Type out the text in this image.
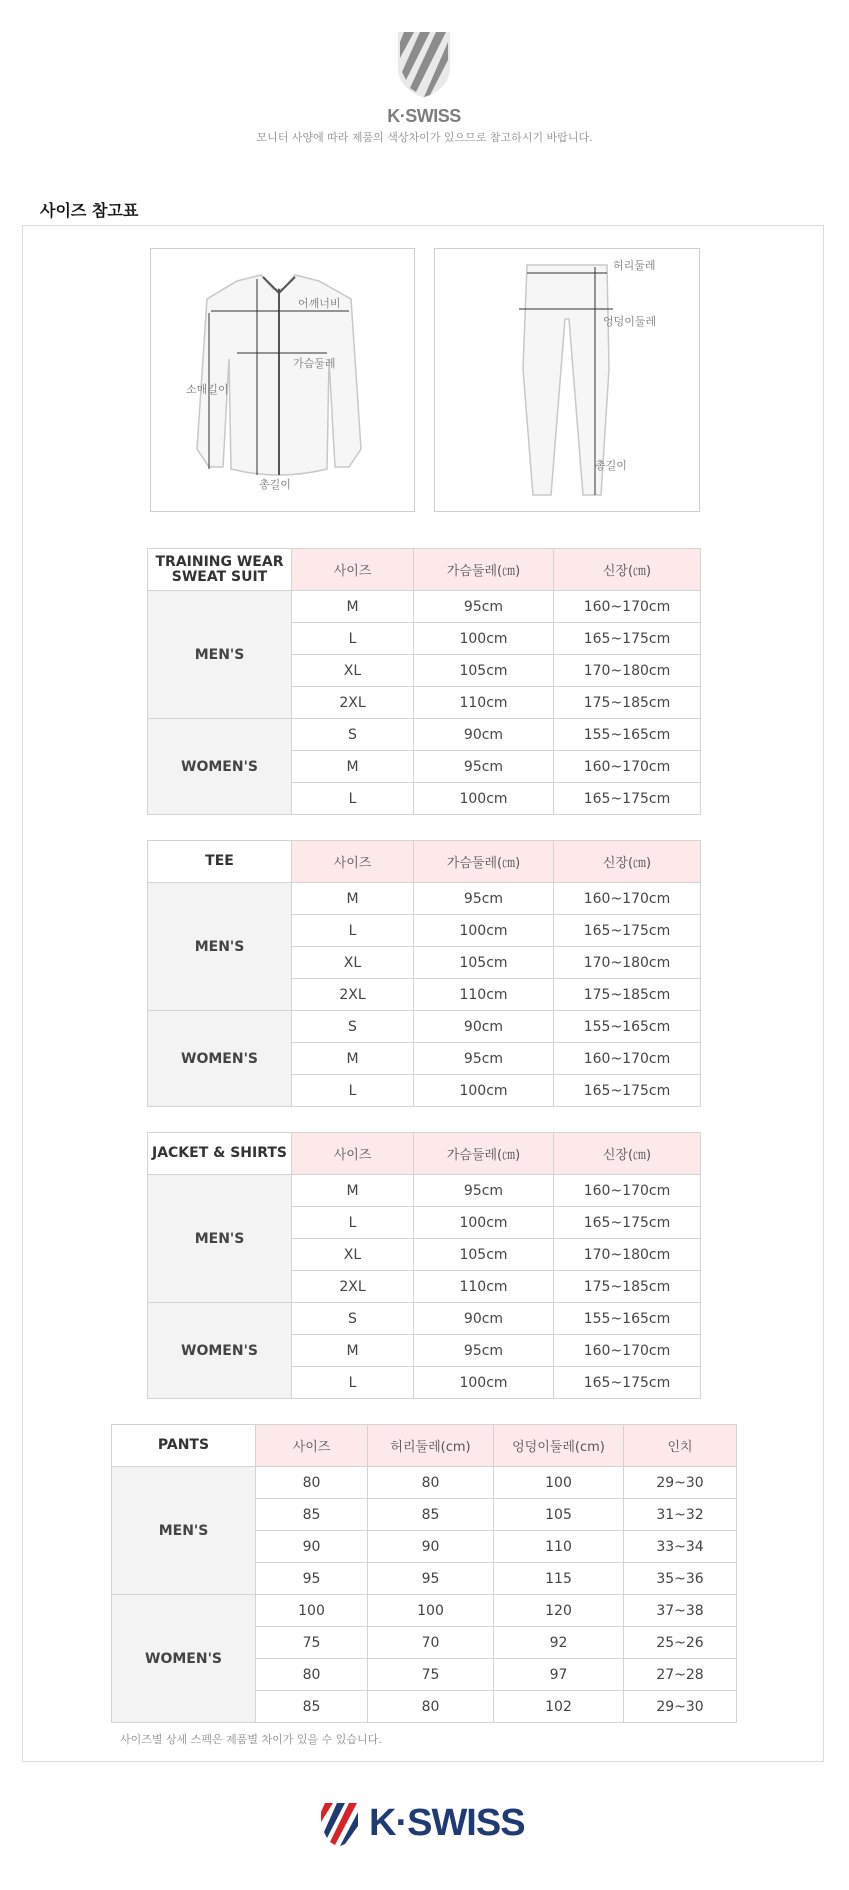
K·SWISS
모니터 사양에 따라 제품의 색상차이가 있으므로 참고하시기 바랍니다.
사이즈 참고표
어깨너비
가슴둘레
소매길이
총길이
허리둘레
엉덩이둘레
총길이
TRAINING WEAR
SWEAT SUIT	사이즈	가슴둘레(㎝)	신장(㎝)
MEN'S	M	95cm	160~170cm
	L	100cm	165~175cm
	XL	105cm	170~180cm
	2XL	110cm	175~185cm
WOMEN'S	S	90cm	155~165cm
	M	95cm	160~170cm
	L	100cm	165~175cm
TEE	사이즈	가슴둘레(㎝)	신장(㎝)
MEN'S	M	95cm	160~170cm
	L	100cm	165~175cm
	XL	105cm	170~180cm
	2XL	110cm	175~185cm
WOMEN'S	S	90cm	155~165cm
	M	95cm	160~170cm
	L	100cm	165~175cm
JACKET & SHIRTS	사이즈	가슴둘레(㎝)	신장(㎝)
MEN'S	M	95cm	160~170cm
	L	100cm	165~175cm
	XL	105cm	170~180cm
	2XL	110cm	175~185cm
WOMEN'S	S	90cm	155~165cm
	M	95cm	160~170cm
	L	100cm	165~175cm
PANTS	사이즈	허리둘레(cm)	엉덩이둘레(cm)	인치
MEN'S	80	80	100	29~30
	85	85	105	31~32
	90	90	110	33~34
	95	95	115	35~36
WOMEN'S	100	100	120	37~38
	75	70	92	25~26
	80	75	97	27~28
	85	80	102	29~30
사이즈별 상세 스펙은 제품별 차이가 있을 수 있습니다.
K·SWISS
